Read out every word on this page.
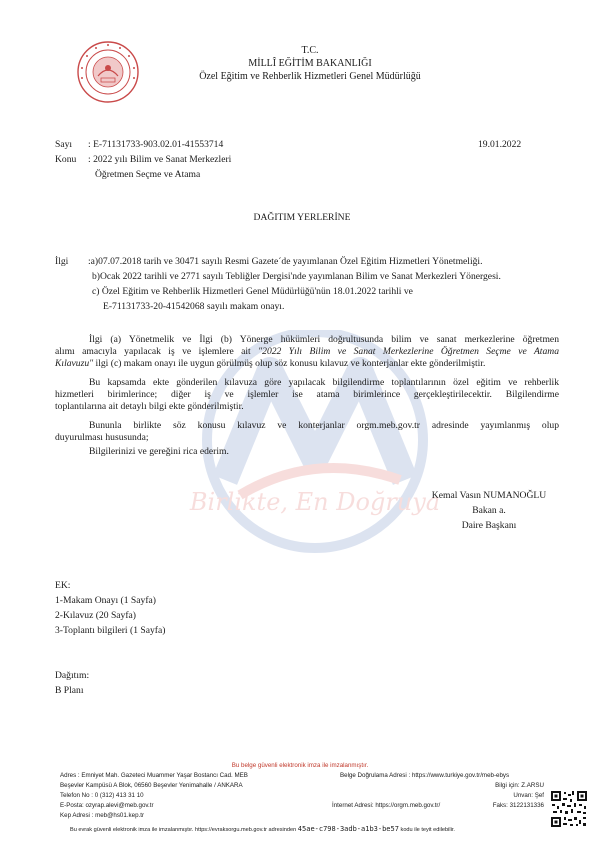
Birlikte, En Doğruya
T.C.
MİLLÎ EĞİTİM BAKANLIĞI
Özel Eğitim ve Rehberlik Hizmetleri Genel Müdürlüğü
Sayı : E-71131733-903.02.01-41553714	19.01.2022
Konu : 2022 yılı Bilim ve Sanat Merkezleri
Öğretmen Seçme ve Atama
DAĞITIM YERLERİNE
İlgi :a)07.07.2018 tarih ve 30471 sayılı Resmi Gazete´de yayımlanan Özel Eğitim Hizmetleri Yönetmeliği.
b)Ocak 2022 tarihli ve 2771 sayılı Tebliğler Dergisi'nde yayımlanan Bilim ve Sanat Merkezleri Yönergesi.
c) Özel Eğitim ve Rehberlik Hizmetleri Genel Müdürlüğü'nün 18.01.2022 tarihli ve
E-71131733-20-41542068 sayılı makam onayı.
İlgi (a) Yönetmelik ve İlgi (b) Yönerge hükümleri doğrultusunda bilim ve sanat merkezlerine öğretmen
alımı amacıyla yapılacak iş ve işlemlere ait "2022 Yılı Bilim ve Sanat Merkezlerine Öğretmen Seçme ve Atama
Kılavuzu" ilgi (c) makam onayı ile uygun görülmüş olup söz konusu kılavuz ve konterjanlar ekte gönderilmiştir.
Bu kapsamda ekte gönderilen kılavuza göre yapılacak bilgilendirme toplantılarının özel eğitim ve rehberlik
hizmetleri birimlerince; diğer iş ve işlemler ise atama birimlerince gerçekleştirilecektir. Bilgilendirme
toplantılarına ait detaylı bilgi ekte gönderilmiştir.
Bununla birlikte söz konusu kılavuz ve konterjanlar orgm.meb.gov.tr adresinde yayımlanmış olup
duyurulması hususunda;
Bilgilerinizi ve gereğini rica ederim.
Kemal Vasın NUMANOĞLU
Bakan a.
Daire Başkanı
EK:
1-Makam Onayı (1 Sayfa)
2-Kılavuz (20 Sayfa)
3-Toplantı bilgileri (1 Sayfa)
Dağıtım:
B Planı
Bu belge güvenli elektronik imza ile imzalanmıştır.
Adres : Emniyet Mah. Gazeteci Muammer Yaşar Bostancı Cad. MEB
Beşevler Kampüsü A Blok, 06560 Beşevler Yenimahalle / ANKARA
Telefon No : 0 (312) 413 31 10
E-Posta: ozyrap.alevi@meb.gov.tr
Kep Adresi : meb@hs01.kep.tr
Belge Doğrulama Adresi : https://www.turkiye.gov.tr/meb-ebys
Bilgi için: Z.ARSU
Unvan: Şef
İnternet Adresi: https://orgm.meb.gov.tr/	Faks: 3122131336
Bu evrak güvenli elektronik imza ile imzalanmıştır. https://evraksorgu.meb.gov.tr adresinden 45ae-c798-3adb-a1b3-be57 kodu ile teyit edilebilir.
